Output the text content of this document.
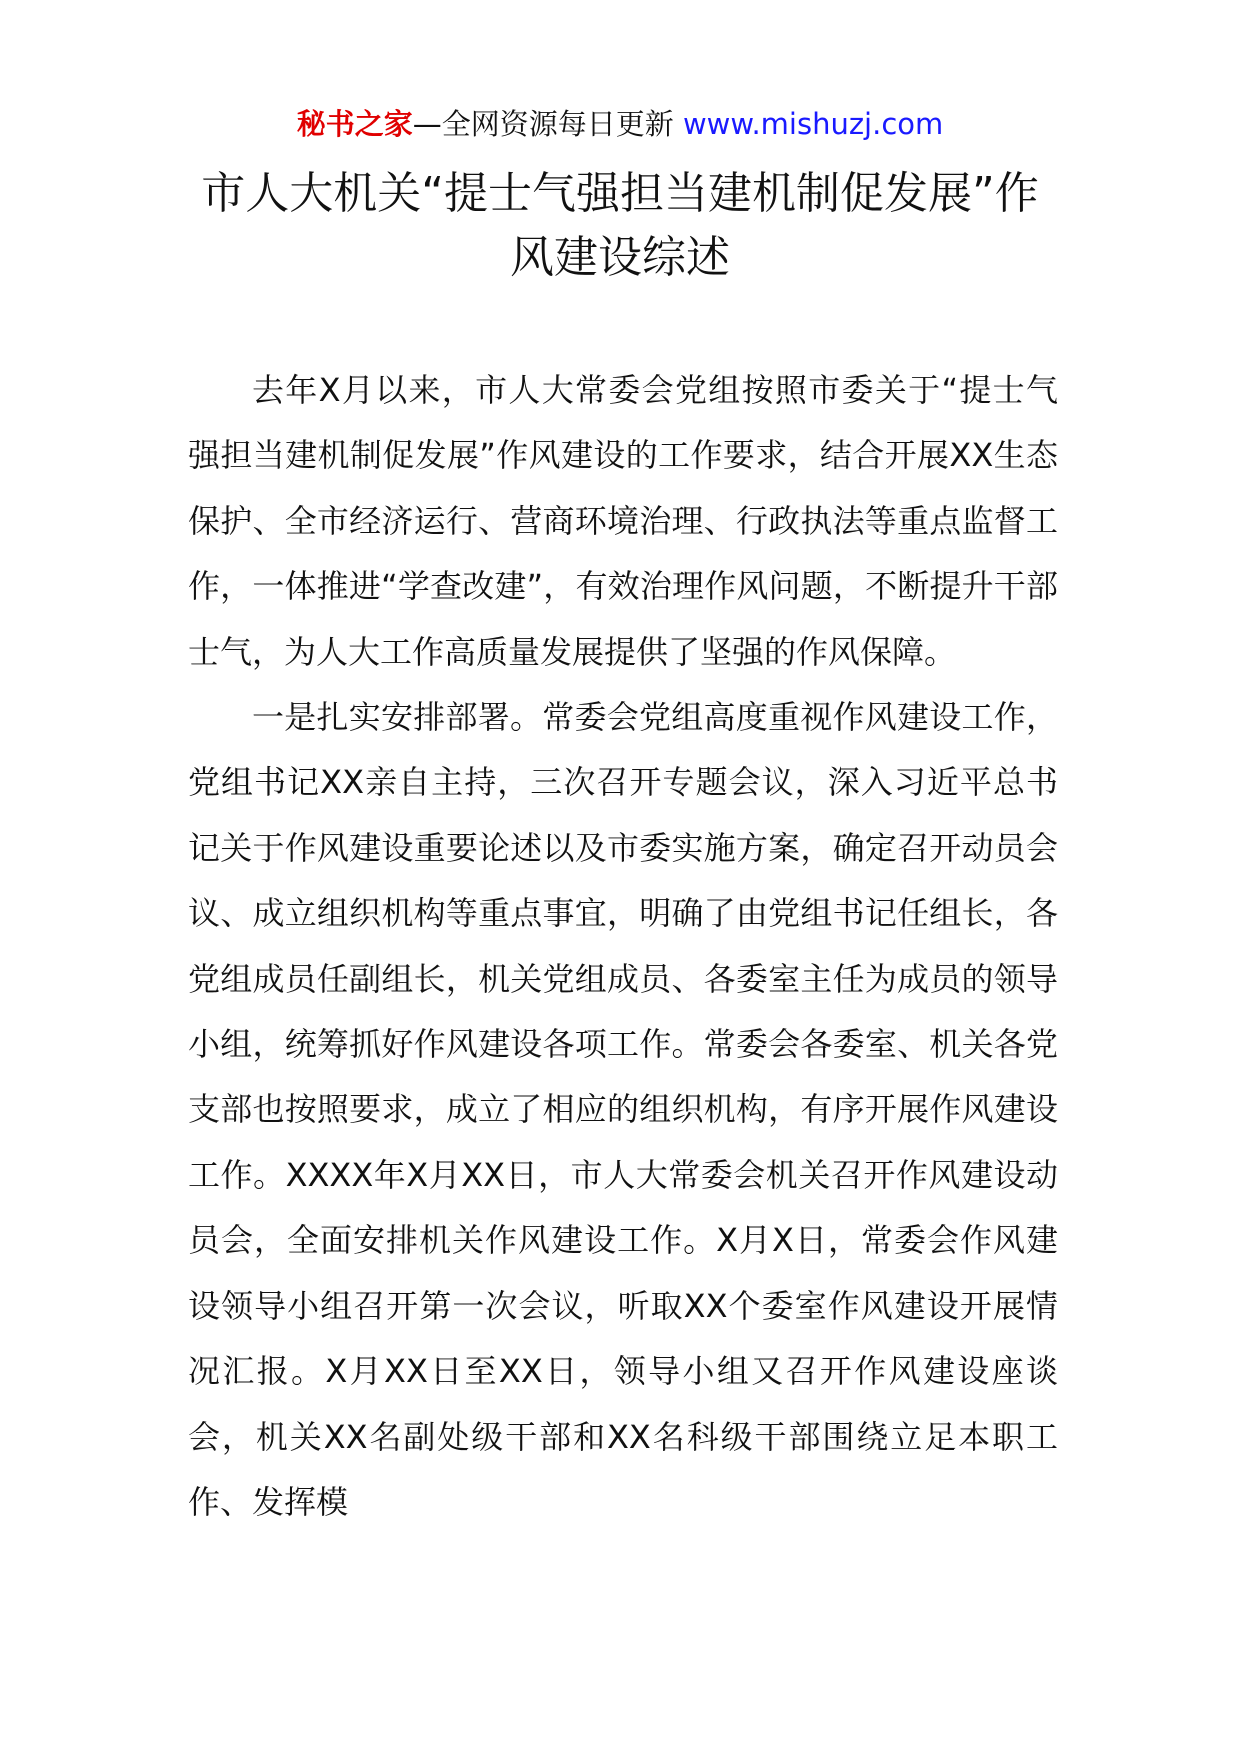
秘书之家—全网资源每日更新 www.mishuzj.com
市人大机关“提士气强担当建机制促发展”作风建设综述

去年X月以来，市人大常委会党组按照市委关于“提士气强担当建机制促发展”作风建设的工作要求，结合开展XX生态保护、全市经济运行、营商环境治理、行政执法等重点监督工作，一体推进“学查改建”，有效治理作风问题，不断提升干部士气，为人大工作高质量发展提供了坚强的作风保障。

一是扎实安排部署。常委会党组高度重视作风建设工作，党组书记XX亲自主持，三次召开专题会议，深入习近平总书记关于作风建设重要论述以及市委实施方案，确定召开动员会议、成立组织机构等重点事宜，明确了由党组书记任组长，各党组成员任副组长，机关党组成员、各委室主任为成员的领导小组，统筹抓好作风建设各项工作。常委会各委室、机关各党支部也按照要求，成立了相应的组织机构，有序开展作风建设工作。XXXX年X月XX日，市人大常委会机关召开作风建设动员会，全面安排机关作风建设工作。X月X日，常委会作风建设领导小组召开第一次会议，听取XX个委室作风建设开展情况汇报。X月XX日至XX日，领导小组又召开作风建设座谈会，机关XX名副处级干部和XX名科级干部围绕立足本职工作、发挥模
